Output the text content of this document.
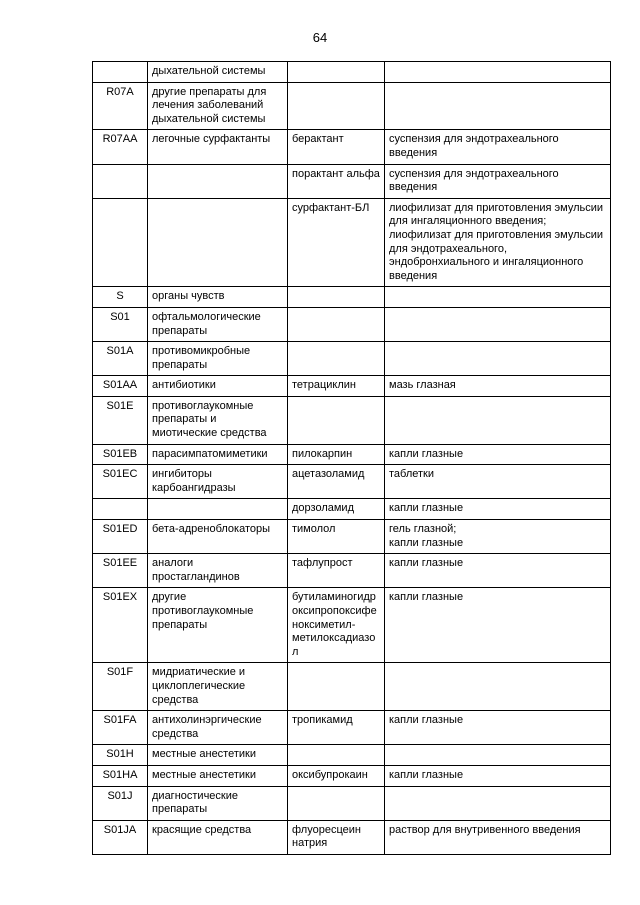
64
	дыхательной системы		
R07A	другие препараты для лечения заболеваний дыхательной системы		
R07AA	легочные сурфактанты	берактант	суспензия для эндотрахеального введения
		порактант альфа	суспензия для эндотрахеального введения
		сурфактант-БЛ	лиофилизат для приготовления эмульсии для ингаляционного введения;
лиофилизат для приготовления эмульсии для эндотрахеального, эндобронхиального и ингаляционного введения
S	органы чувств		
S01	офтальмологические препараты		
S01A	противомикробные препараты		
S01AA	антибиотики	тетрациклин	мазь глазная
S01E	противоглаукомные препараты и миотические средства		
S01EB	парасимпатомиметики	пилокарпин	капли глазные
S01EC	ингибиторы карбоангидразы	ацетазоламид	таблетки
		дорзоламид	капли глазные
S01ED	бета-адреноблокаторы	тимолол	гель глазной;
капли глазные
S01EE	аналоги простагландинов	тафлупрост	капли глазные
S01EX	другие противоглаукомные препараты	бутиламиногидр
оксипропоксифе
ноксиметил-
метилоксадиазо
л	капли глазные
S01F	мидриатические и циклоплегические средства		
S01FA	антихолинэргические средства	тропикамид	капли глазные
S01H	местные анестетики		
S01HA	местные анестетики	оксибупрокаин	капли глазные
S01J	диагностические препараты		
S01JA	красящие средства	флуоресцеин натрия	раствор для внутривенного введения
